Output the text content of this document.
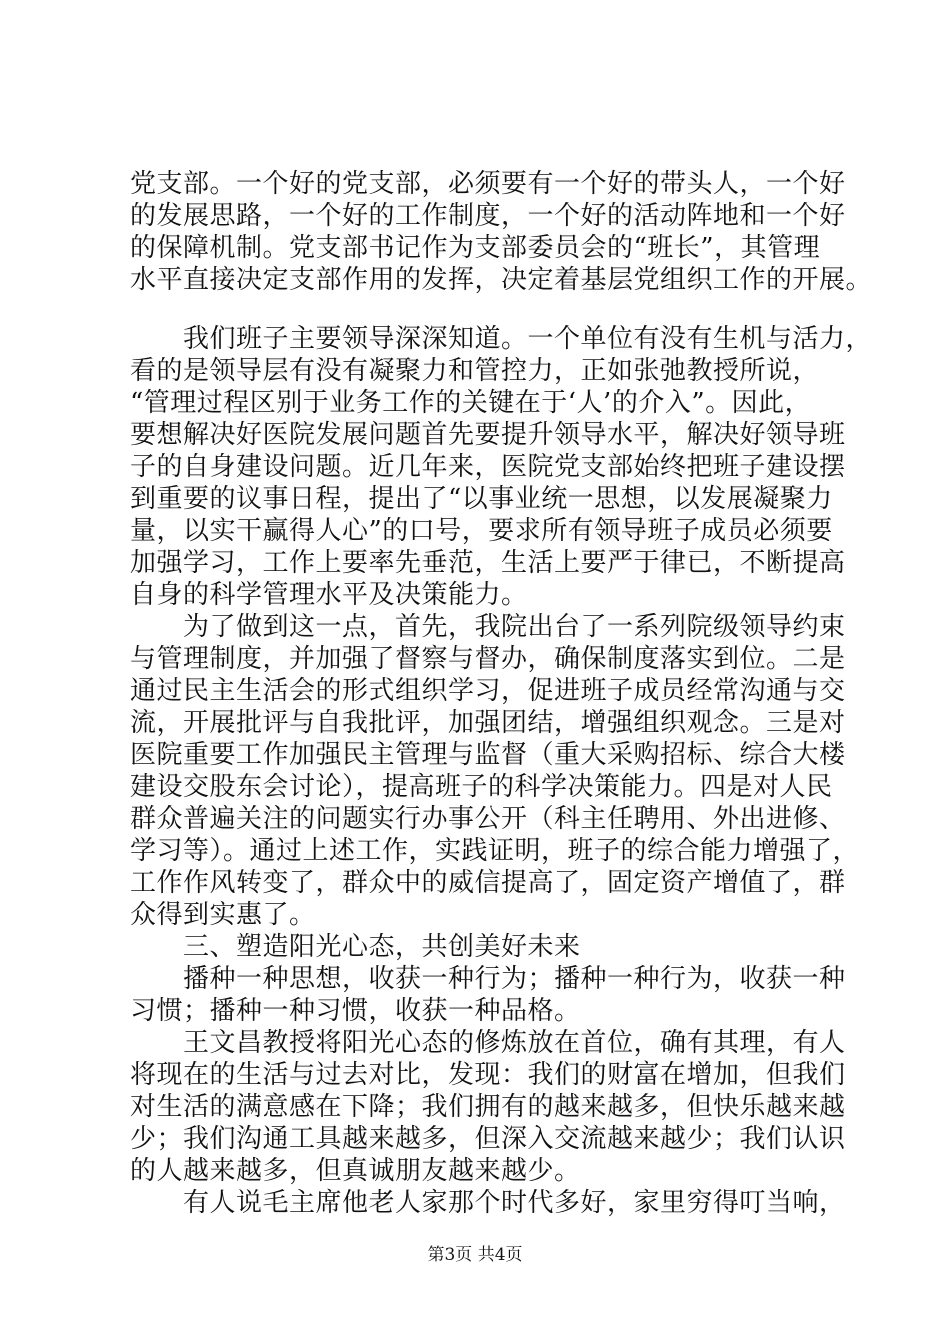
党支部。一个好的党支部，必须要有一个好的带头人，一个好
的发展思路，一个好的工作制度，一个好的活动阵地和一个好
的保障机制。党支部书记作为支部委员会的“班长”，其管理
水平直接决定支部作用的发挥，决定着基层党组织工作的开展。
　　我们班子主要领导深深知道。一个单位有没有生机与活力，
看的是领导层有没有凝聚力和管控力，正如张弛教授所说，
“管理过程区别于业务工作的关键在于‘人’的介入”。因此，
要想解决好医院发展问题首先要提升领导水平，解决好领导班
子的自身建设问题。近几年来，医院党支部始终把班子建设摆
到重要的议事日程，提出了“以事业统一思想，以发展凝聚力
量，以实干赢得人心”的口号，要求所有领导班子成员必须要
加强学习，工作上要率先垂范，生活上要严于律已，不断提高
自身的科学管理水平及决策能力。
　　为了做到这一点，首先，我院出台了一系列院级领导约束
与管理制度，并加强了督察与督办，确保制度落实到位。二是
通过民主生活会的形式组织学习，促进班子成员经常沟通与交
流，开展批评与自我批评，加强团结，增强组织观念。三是对
医院重要工作加强民主管理与监督（重大采购招标、综合大楼
建设交股东会讨论），提高班子的科学决策能力。四是对人民
群众普遍关注的问题实行办事公开（科主任聘用、外出进修、
学习等）。通过上述工作，实践证明，班子的综合能力增强了，
工作作风转变了，群众中的威信提高了，固定资产增值了，群
众得到实惠了。
　　三、塑造阳光心态，共创美好未来
　　播种一种思想，收获一种行为；播种一种行为，收获一种
习惯；播种一种习惯，收获一种品格。
　　王文昌教授将阳光心态的修炼放在首位，确有其理，有人
将现在的生活与过去对比，发现：我们的财富在增加，但我们
对生活的满意感在下降；我们拥有的越来越多，但快乐越来越
少；我们沟通工具越来越多，但深入交流越来越少；我们认识
的人越来越多，但真诚朋友越来越少。
　　有人说毛主席他老人家那个时代多好，家里穷得叮当响，
第3页 共4页
